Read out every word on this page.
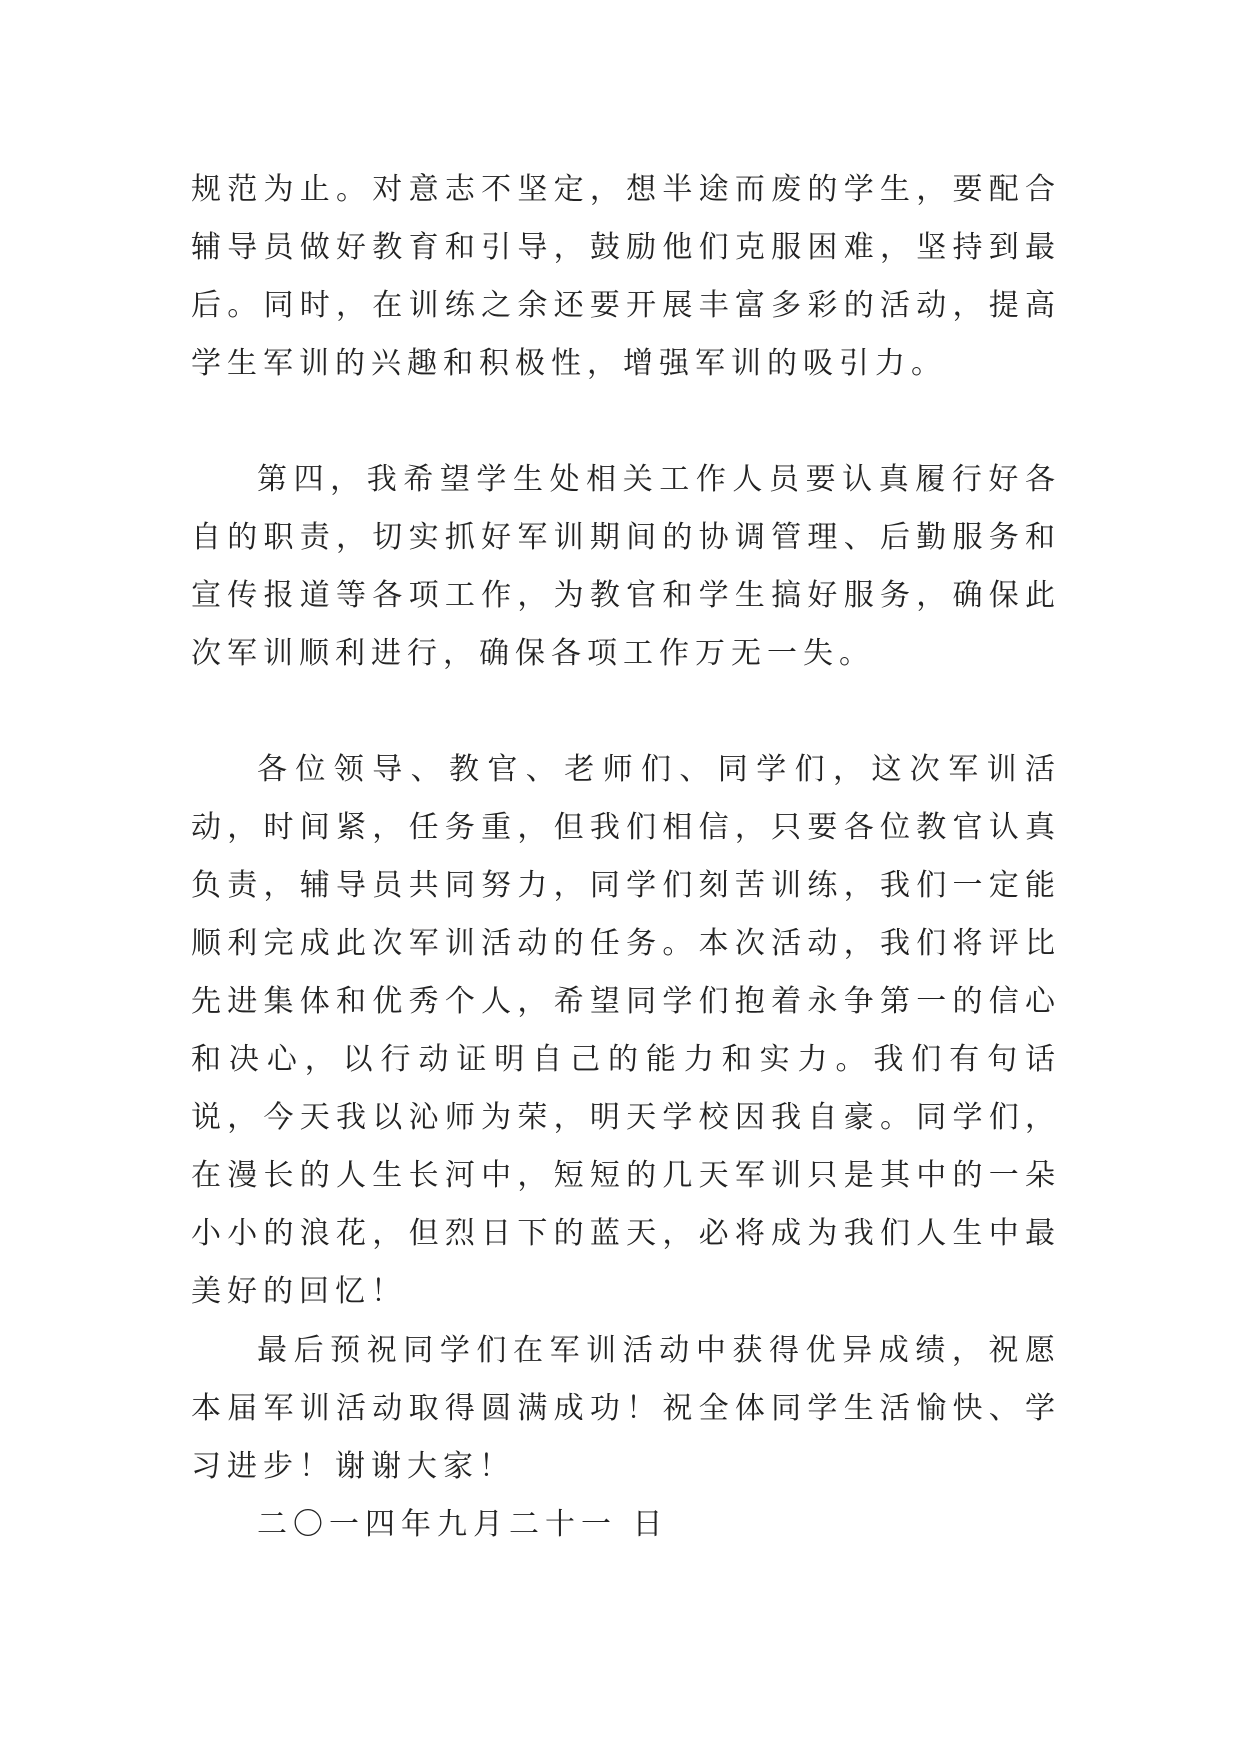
规范为止。对意志不坚定，想半途而废的学生，要配合辅导员做好教育和引导，鼓励他们克服困难，坚持到最后。同时，在训练之余还要开展丰富多彩的活动，提高学生军训的兴趣和积极性，增强军训的吸引力。

第四，我希望学生处相关工作人员要认真履行好各自的职责，切实抓好军训期间的协调管理、后勤服务和宣传报道等各项工作，为教官和学生搞好服务，确保此次军训顺利进行，确保各项工作万无一失。

各位领导、教官、老师们、同学们，这次军训活动，时间紧，任务重，但我们相信，只要各位教官认真负责，辅导员共同努力，同学们刻苦训练，我们一定能顺利完成此次军训活动的任务。本次活动，我们将评比先进集体和优秀个人，希望同学们抱着永争第一的信心和决心，以行动证明自己的能力和实力。我们有句话说，今天我以沁师为荣，明天学校因我自豪。同学们，在漫长的人生长河中，短短的几天军训只是其中的一朵小小的浪花，但烈日下的蓝天，必将成为我们人生中最美好的回忆！

最后预祝同学们在军训活动中获得优异成绩，祝愿本届军训活动取得圆满成功！祝全体同学生活愉快、学习进步！谢谢大家！

二〇一四年九月二十一 日
